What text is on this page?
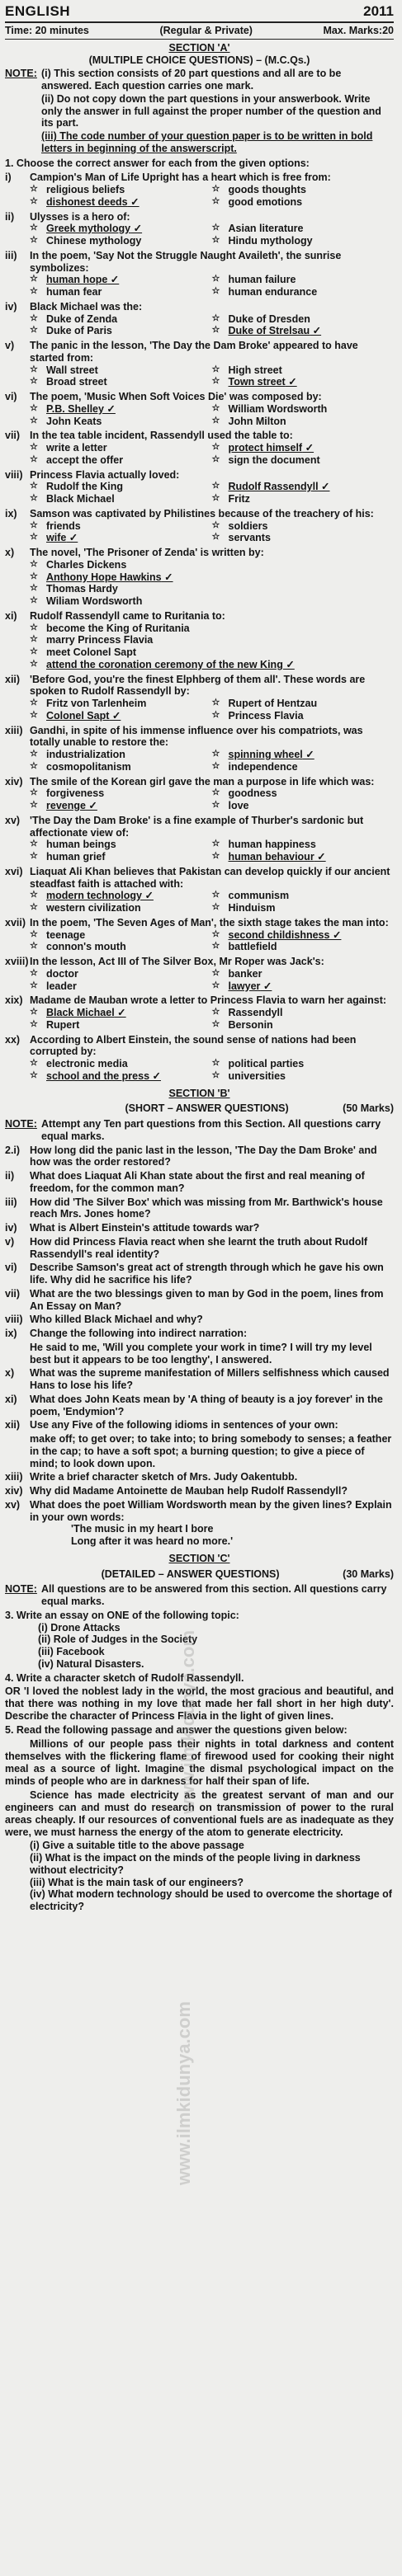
ENGLISH	2011
Time: 20 minutes	(Regular & Private)	Max. Marks:20
SECTION 'A'
(MULTIPLE CHOICE QUESTIONS) – (M.C.Qs.)
NOTE: (i) This section consists of 20 part questions and all are to be answered. Each question carries one mark.
(ii) Do not copy down the part questions in your answerbook. Write only the answer in full against the proper number of the question and its part.
(iii) The code number of your question paper is to be written in bold letters in beginning of the answerscript.
1. Choose the correct answer for each from the given options:
i)	Campion's Man of Life Upright has a heart which is free from:
☆ religious beliefs	☆ goods thoughts
☆ dishonest deeds ✓	☆ good emotions
ii)	Ulysses is a hero of:
☆ Greek mythology ✓	☆ Asian literature
☆ Chinese mythology	☆ Hindu mythology
iii)	In the poem, 'Say Not the Struggle Naught Availeth', the sunrise symbolizes:
☆ human hope ✓	☆ human failure
☆ human fear	☆ human endurance
iv)	Black Michael was the:
☆ Duke of Zenda	☆ Duke of Dresden
☆ Duke of Paris	☆ Duke of Strelsau ✓
v)	The panic in the lesson, 'The Day the Dam Broke' appeared to have started from:
☆ Wall street	☆ High street
☆ Broad street	☆ Town street ✓
vi)	The poem, 'Music When Soft Voices Die' was composed by:
☆ P.B. Shelley ✓	☆ William Wordsworth
☆ John Keats	☆ John Milton
vii) In the tea table incident, Rassendyll used the table to:
☆ write a letter	☆ protect himself ✓
☆ accept the offer	☆ sign the document
viii) Princess Flavia actually loved:
☆ Rudolf the King	☆ Rudolf Rassendyll ✓
☆ Black Michael	☆ Fritz
ix)	Samson was captivated by Philistines because of the treachery of his:
☆ friends	☆ soldiers
☆ wife ✓	☆ servants
x)	The novel, 'The Prisoner of Zenda' is written by:
☆ Charles Dickens
☆ Anthony Hope Hawkins ✓
☆ Thomas Hardy
☆ Wiliam Wordsworth
xi)	Rudolf Rassendyll came to Ruritania to:
☆ become the King of Ruritania
☆ marry Princess Flavia
☆ meet Colonel Sapt
☆ attend the coronation ceremony of the new King ✓
xii) 'Before God, you're the finest Elphberg of them all'. These words are spoken to Rudolf Rassendyll by:
☆ Fritz von Tarlenheim	☆ Rupert of Hentzau
☆ Colonel Sapt ✓	☆ Princess Flavia
xiii) Gandhi, in spite of his immense influence over his compatriots, was totally unable to restore the:
☆ industrialization	☆ spinning wheel ✓
☆ cosmopolitanism	☆ independence
xiv) The smile of the Korean girl gave the man a purpose in life which was:
☆ forgiveness	☆ goodness
☆ revenge ✓	☆ love
xv) 'The Day the Dam Broke' is a fine example of Thurber's sardonic but affectionate view of:
☆ human beings	☆ human happiness
☆ human grief	☆ human behaviour ✓
xvi) Liaquat Ali Khan believes that Pakistan can develop quickly if our ancient steadfast faith is attached with:
☆ modern technology ✓	☆ communism
☆ western civilization	☆ Hinduism
xvii) In the poem, 'The Seven Ages of Man', the sixth stage takes the man into:
☆ teenage	☆ second childishness ✓
☆ connon's mouth	☆ battlefield
xviii) In the lesson, Act III of The Silver Box, Mr Roper was Jack's:
☆ doctor	☆ banker
☆ leader	☆ lawyer ✓
xix) Madame de Mauban wrote a letter to Princess Flavia to warn her against:
☆ Black Michael ✓	☆ Rassendyll
☆ Rupert	☆ Bersonin
xx) According to Albert Einstein, the sound sense of nations had been corrupted by:
☆ electronic media	☆ political parties
☆ school and the press ✓	☆ universities
SECTION 'B'
(SHORT – ANSWER QUESTIONS)	(50 Marks)
NOTE: Attempt any Ten part questions from this Section. All questions carry equal marks.
2.i) How long did the panic last in the lesson, 'The Day the Dam Broke' and how was the order restored?
ii)	What does Liaquat Ali Khan state about the first and real meaning of freedom, for the common man?
iii)	How did 'The Silver Box' which was missing from Mr. Barthwick's house reach Mrs. Jones home?
iv)	What is Albert Einstein's attitude towards war?
v)	How did Princess Flavia react when she learnt the truth about Rudolf Rassendyll's real identity?
vi)	Describe Samson's great act of strength through which he gave his own life. Why did he sacrifice his life?
vii) What are the two blessings given to man by God in the poem, lines from An Essay on Man?
viii) Who killed Black Michael and why?
ix)	Change the following into indirect narration:
He said to me, 'Will you complete your work in time? I will try my level best but it appears to be too lengthy', I answered.
x)	What was the supreme manifestation of Millers selfishness which caused Hans to lose his life?
xi)	What does John Keats mean by 'A thing of beauty is a joy forever' in the poem, 'Endymion'?
xii) Use any Five of the following idioms in sentences of your own:
make off; to get over; to take into; to bring somebody to senses; a feather in the cap; to have a soft spot; a burning question; to give a piece of mind; to look down upon.
xiii) Write a brief character sketch of Mrs. Judy Oakentubb.
xiv) Why did Madame Antoinette de Mauban help Rudolf Rassendyll?
xv) What does the poet William Wordsworth mean by the given lines? Explain in your own words:
'The music in my heart I bore
Long after it was heard no more.'
SECTION 'C'
(DETAILED – ANSWER QUESTIONS)	(30 Marks)
NOTE: All questions are to be answered from this section. All questions carry equal marks.
3. Write an essay on ONE of the following topic:
(i) Drone Attacks
(ii) Role of Judges in the Society
(iii) Facebook
(iv) Natural Disasters.
4. Write a character sketch of Rudolf Rassendyll.
OR 'I loved the noblest lady in the world, the most gracious and beautiful, and that there was nothing in my love that made her fall short in her high duty'. Describe the character of Princess Flavia in the light of given lines.
5. Read the following passage and answer the questions given below:
Millions of our people pass their nights in total darkness and content themselves with the flickering flame of firewood used for cooking their night meal as a source of light. Imagine the dismal psychological impact on the minds of people who are in darkness for half their span of life.
Science has made electricity as the greatest servant of man and our engineers can and must do research on transmission of power to the rural areas cheaply. If our resources of conventional fuels are as inadequate as they were, we must harness the energy of the atom to generate electricity.
(i) Give a suitable title to the above passage
(ii) What is the impact on the minds of the people living in darkness without electricity?
(iii) What is the main task of our engineers?
(iv) What modern technology should be used to overcome the shortage of electricity?
www.ilmkidunya.com
www.ilmkidunya.com
